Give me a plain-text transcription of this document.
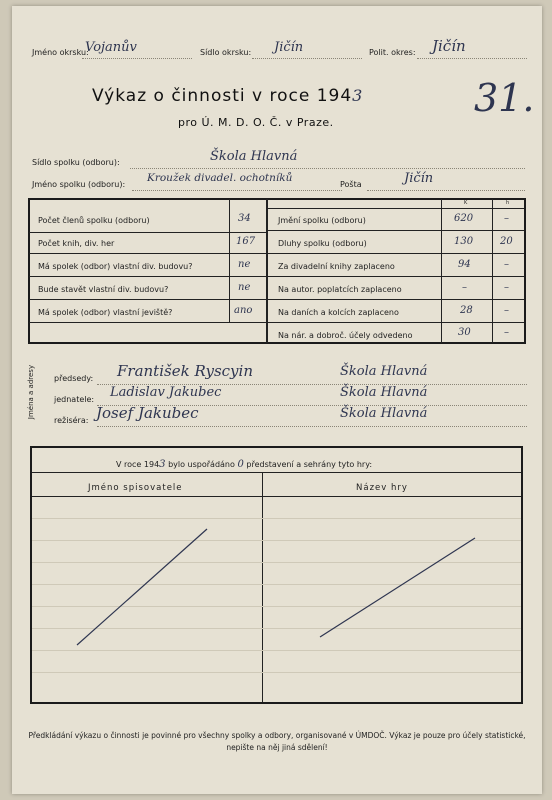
Jméno okrsku:
Vojanův	Sídlo okrsku: Jičín	Polit. okres: Jičín
Výkaz o činnosti v roce 1943	31.
pro Ú. M. D. O. Č. v Praze.
Sídlo spolku (odboru):	Škola Hlavná
Jméno spolku (odboru):
Kroužek divadel. ochotníků
Pošta	Jičín
Počet členů spolku (odboru)	34
Počet knih, div. her	167
Má spolek (odbor) vlastní div. budovu?	ne
Bude stavět vlastní div. budovu?	ne
Má spolek (odbor) vlastní jeviště?	ano
K	h
Jmění spolku (odboru)	620	–
Dluhy spolku (odboru)	130	20
Za divadelní knihy zaplaceno	94	–
Na autor. poplatcích zaplaceno	–	–
Na daních a kolcích zaplaceno	28	–
Na nár. a dobroč. účely odvedeno	30	–
Jména a adresy předsedy: František Ryscyin	Škola Hlavná
jednatele: Ladislav Jakubec	Škola Hlavná
režiséra: Josef Jakubec	Škola Hlavná
V roce 1943 bylo uspořádáno 0 představení a sehrány tyto hry:
Jméno spisovatele	Název hry
Předkládání výkazu o činnosti je povinné pro všechny spolky a odbory, organisované v ÚMDOČ. Výkaz je pouze pro účely statistické, nepište na něj jiná sdělení!
